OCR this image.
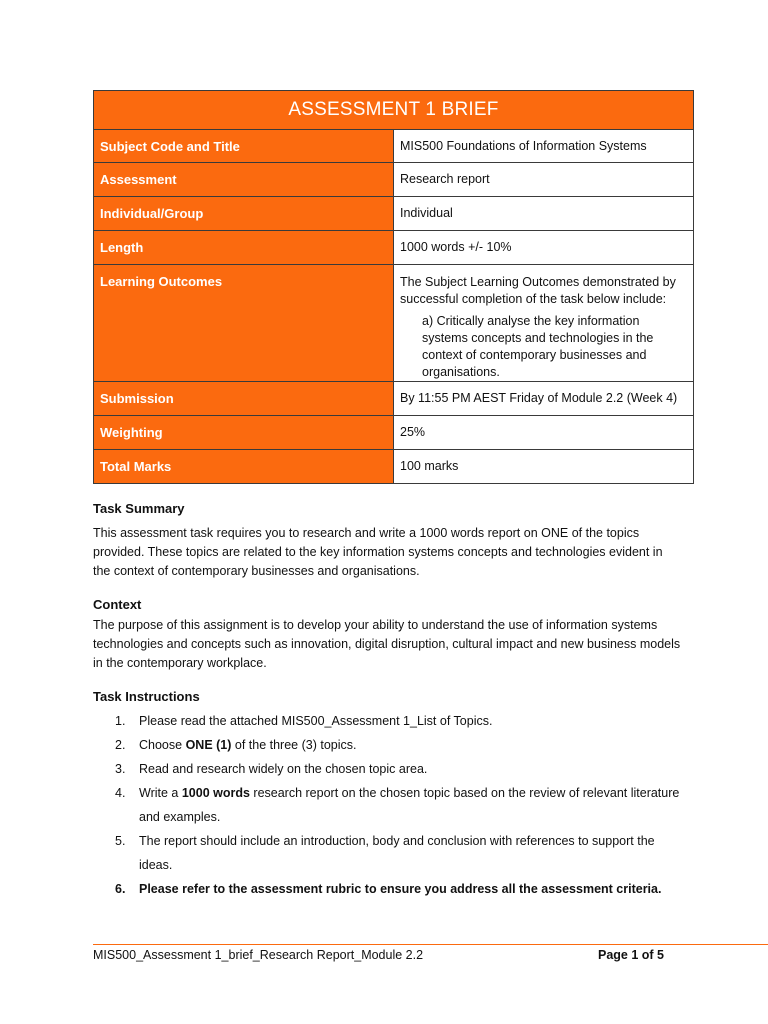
ASSESSMENT 1 BRIEF	
Subject Code and Title	MIS500 Foundations of Information Systems
Assessment	Research report
Individual/Group	Individual
Length	1000 words +/- 10%
Learning Outcomes	The Subject Learning Outcomes demonstrated by successful completion of the task below include:
a) Critically analyse the key information systems concepts and technologies in the context of contemporary businesses and organisations.

Submission	By 11:55 PM AEST Friday of Module 2.2 (Week 4)
Weighting	25%
Total Marks	100 marks
Task Summary

This assessment task requires you to research and write a 1000 words report on ONE of the topics provided. These topics are related to the key information systems concepts and technologies evident in the context of contemporary businesses and organisations.

Context

The purpose of this assignment is to develop your ability to understand the use of information systems technologies and concepts such as innovation, digital disruption, cultural impact and new business models in the contemporary workplace.

Task Instructions
1.	Please read the attached MIS500_Assessment 1_List of Topics.
2.	Choose ONE (1) of the three (3) topics.
3.	Read and research widely on the chosen topic area.
4.	Write a 1000 words research report on the chosen topic based on the review of relevant literature and examples.
5.	The report should include an introduction, body and conclusion with references to support the ideas.
6.	Please refer to the assessment rubric to ensure you address all the assessment criteria.
MIS500_Assessment 1_brief_Research Report_Module 2.2	Page 1 of 5
